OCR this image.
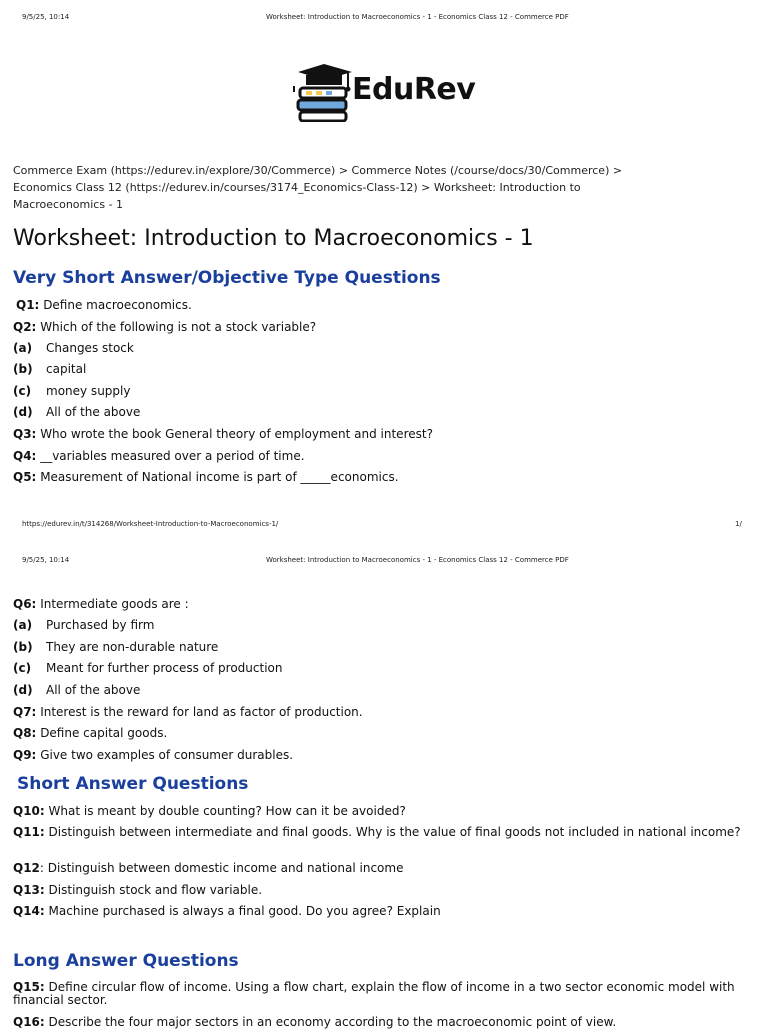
9/5/25, 10:14	Worksheet: Introduction to Macroeconomics - 1 - Economics Class 12 - Commerce PDF
EduRev
Commerce Exam (https://edurev.in/explore/30/Commerce) > Commerce Notes (/course/docs/30/Commerce) > Economics Class 12 (https://edurev.in/courses/3174_Economics-Class-12) > Worksheet: Introduction to Macroeconomics - 1
Worksheet: Introduction to Macroeconomics - 1
Very Short Answer/Objective Type Questions
Q1: Define macroeconomics.
Q2: Which of the following is not a stock variable?
(a) Changes stock
(b) capital
(c) money supply
(d) All of the above
Q3: Who wrote the book General theory of employment and interest?
Q4: __variables measured over a period of time.
Q5: Measurement of National income is part of _____economics.
https://edurev.in/t/314268/Worksheet-Introduction-to-Macroeconomics-1/	1/
9/5/25, 10:14	Worksheet: Introduction to Macroeconomics - 1 - Economics Class 12 - Commerce PDF
Q6: Intermediate goods are :
(a) Purchased by firm
(b) They are non-durable nature
(c) Meant for further process of production
(d) All of the above
Q7: Interest is the reward for land as factor of production.
Q8: Define capital goods.
Q9: Give two examples of consumer durables.
Short Answer Questions
Q10: What is meant by double counting? How can it be avoided?
Q11: Distinguish between intermediate and final goods. Why is the value of final goods not included in national income?
Q12: Distinguish between domestic income and national income
Q13: Distinguish stock and flow variable.
Q14: Machine purchased is always a final good. Do you agree? Explain
Long Answer Questions
Q15: Define circular flow of income. Using a flow chart, explain the flow of income in a two sector economic model with financial sector.
Q16: Describe the four major sectors in an economy according to the macroeconomic point of view.
